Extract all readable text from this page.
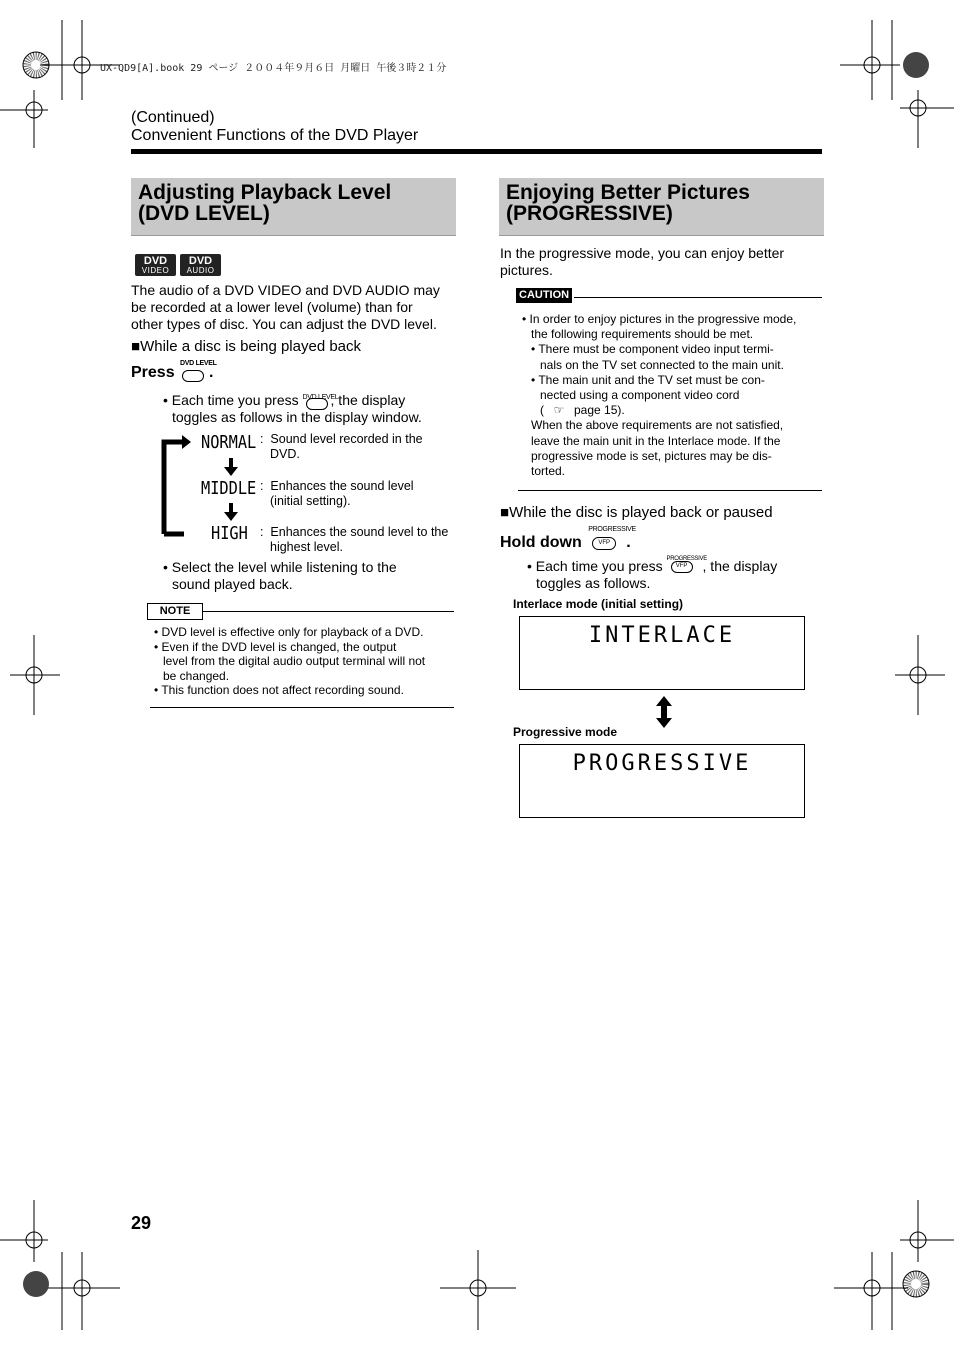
UX-QD9[A].book 29 ページ ２００４年９月６日 月曜日 午後３時２１分
(Continued)
Convenient Functions of the DVD Player
Adjusting Playback Level
(DVD LEVEL)
DVD
VIDEO
DVD
AUDIO
The audio of a DVD VIDEO and DVD AUDIO may
be recorded at a lower level (volume) than for
other types of disc. You can adjust the DVD level.
■While a disc is being played back
Press
DVD LEVEL
.
• Each time you press DVD LEVEL
, the display
toggles as follows in the display window.
NORMAL
MIDDLE
HIGH
:  Sound level recorded in the
DVD.
:  Enhances the sound level
(initial setting).
:  Enhances the sound level to the
highest level.
• Select the level while listening to the
sound played back.
NOTE
• DVD level is effective only for playback of a DVD.
• Even if the DVD level is changed, the output
level from the digital audio output terminal will not
be changed.
• This function does not affect recording sound.
Enjoying Better Pictures
(PROGRESSIVE)
In the progressive mode, you can enjoy better
pictures.
CAUTION
• In order to enjoy pictures in the progressive mode,
the following requirements should be met.
• There must be component video input termi-
nals on the TV set connected to the main unit.
• The main unit and the TV set must be con-
nected using a component video cord
( ☞ page 15).
When the above requirements are not satisfied,
leave the main unit in the Interlace mode. If the
progressive mode is set, pictures may be dis-
torted.
■While the disc is played back or paused
Hold down
PROGRESSIVE
VFP	.
• Each time you press PROGRESSIVE
VFP	, the display
toggles as follows.
Interlace mode (initial setting)
INTERLACE
Progressive mode
PROGRESSIVE
29
